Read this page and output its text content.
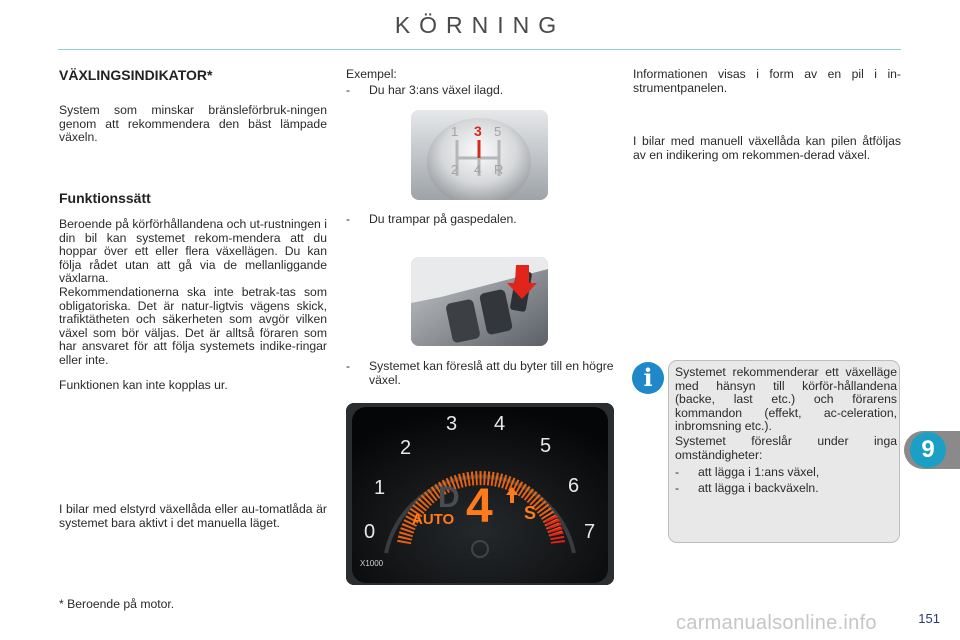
KÖRNING
VÄXLINGSINDIKATOR*

System som minskar bränsleförbruk-ningen genom att rekommendera den bäst lämpade växeln.

Funktionssätt

Beroende på körförhållandena och ut-rustningen i din bil kan systemet rekom-mendera att du hoppar över ett eller flera växellägen. Du kan följa rådet utan att gå via de mellanliggande växlarna.

Rekommendationerna ska inte betrak-tas som obligatoriska. Det är natur-ligtvis vägens skick, trafiktätheten och säkerheten som avgör vilken växel som bör väljas. Det är alltså föraren som har ansvaret för att följa systemets indike-ringar eller inte.

Funktionen kan inte kopplas ur.

I bilar med elstyrd växellåda eller au-tomatlåda är systemet bara aktivt i det manuella läget.

* Beroende på motor.
Exempel:
- Du har 3:ans växel ilagd.
1 3 5
2 4 R
- Du trampar på gaspedalen.
- Systemet kan föreslå att du byter till en högre växel.
0
1
2
3 4
5
6
7
D
AUTO 4 S
X1000

Informationen visas i form av en pil i in-strumentpanelen.

I bilar med manuell växellåda kan pilen åtföljas av en indikering om rekommen-derad växel.

Systemet rekommenderar ett växelläge med hänsyn till körför-hållandena (backe, last etc.) och förarens kommandon (effekt, ac-celeration, inbromsning etc.).

Systemet föreslår under inga omständigheter:

- att lägga i 1:ans växel,
- att lägga i backväxeln.
i
9
carmanualsonline.info	151
